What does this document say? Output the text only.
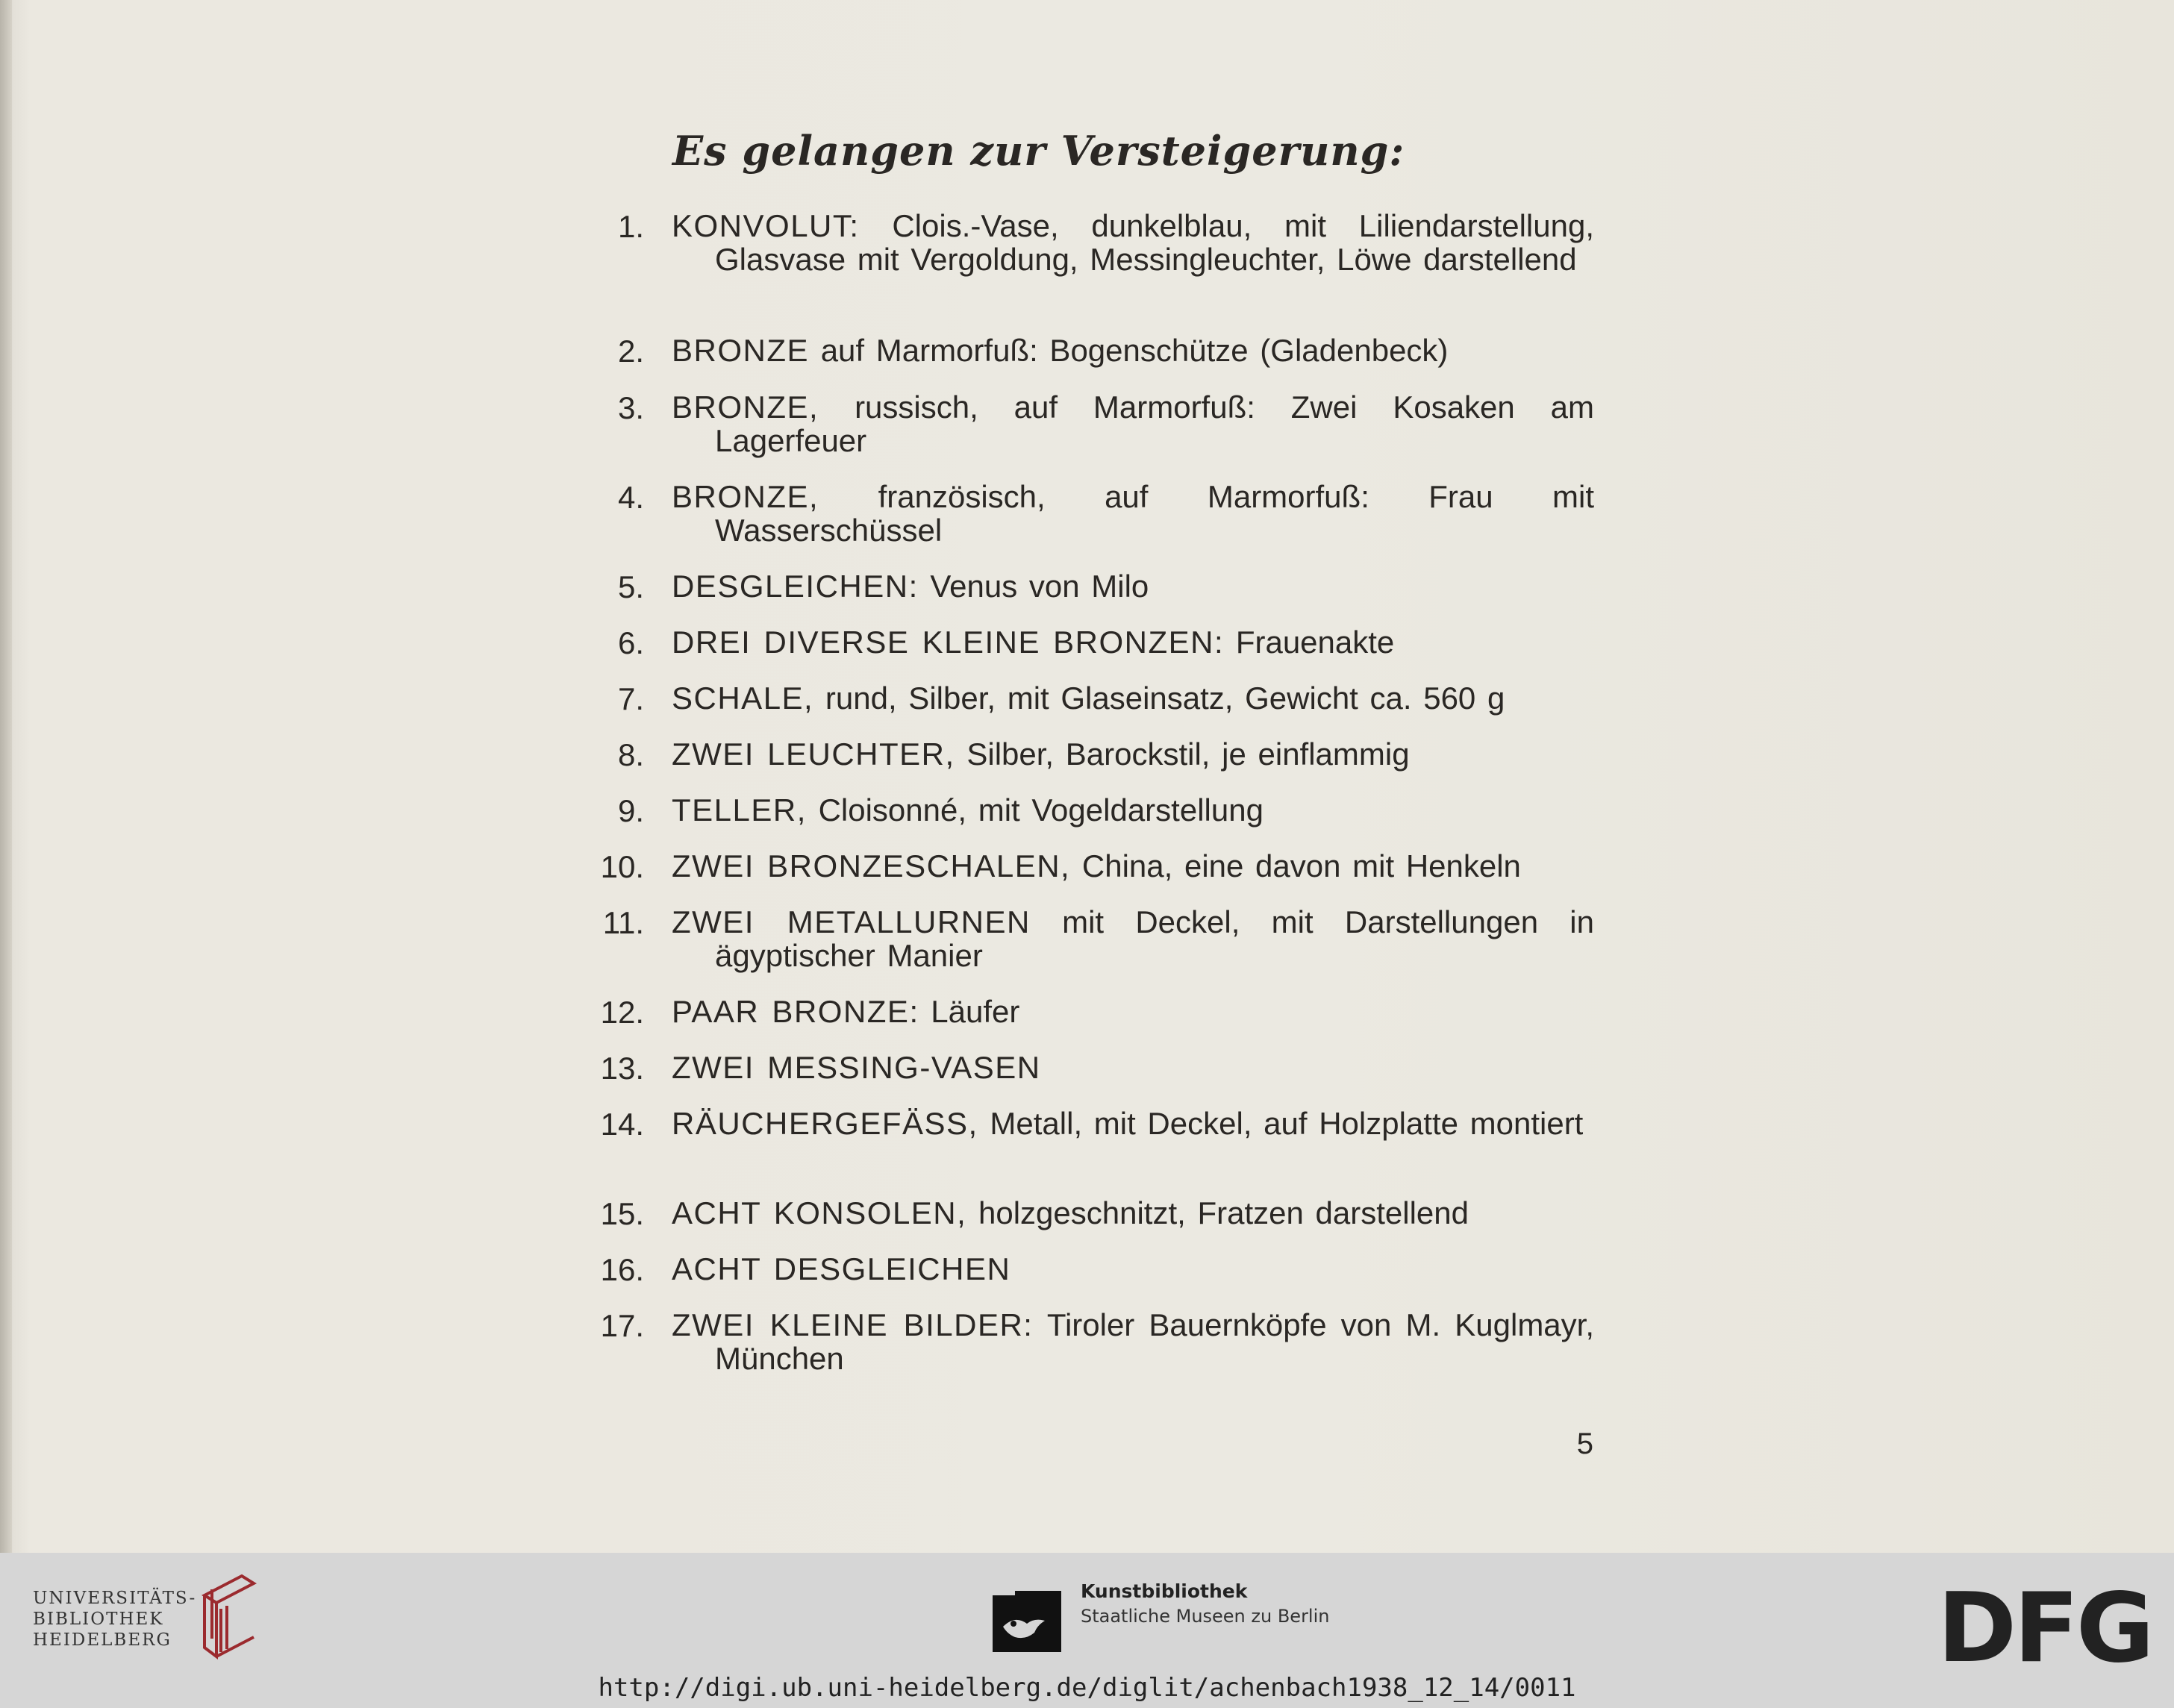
Es gelangen zur Versteigerung:
1. KONVOLUT: Clois.-Vase, dunkelblau, mit Liliendarstellung, Glasvase mit Vergoldung, Messingleuchter, Löwe darstellend
2. BRONZE auf Marmorfuß: Bogenschütze (Gladenbeck)
3. BRONZE, russisch, auf Marmorfuß: Zwei Kosaken am Lagerfeuer
4. BRONZE, französisch, auf Marmorfuß: Frau mit Wasserschüssel
5. DESGLEICHEN: Venus von Milo
6. DREI DIVERSE KLEINE BRONZEN: Frauenakte
7. SCHALE, rund, Silber, mit Glaseinsatz, Gewicht ca. 560 g
8. ZWEI LEUCHTER, Silber, Barockstil, je einflammig
9. TELLER, Cloisonné, mit Vogeldarstellung
10. ZWEI BRONZESCHALEN, China, eine davon mit Henkeln
11. ZWEI METALLURNEN mit Deckel, mit Darstellungen in ägyptischer Manier
12. PAAR BRONZE: Läufer
13. ZWEI MESSING-VASEN
14. RÄUCHERGEFÄSS, Metall, mit Deckel, auf Holzplatte montiert
15. ACHT KONSOLEN, holzgeschnitzt, Fratzen darstellend
16. ACHT DESGLEICHEN
17. ZWEI KLEINE BILDER: Tiroler Bauernköpfe von M. Kuglmayr, München
5
UNIVERSITÄTS-
BIBLIOTHEK
HEIDELBERG
Kunstbibliothek
Staatliche Museen zu Berlin	DFG
http://digi.ub.uni-heidelberg.de/diglit/achenbach1938_12_14/0011
